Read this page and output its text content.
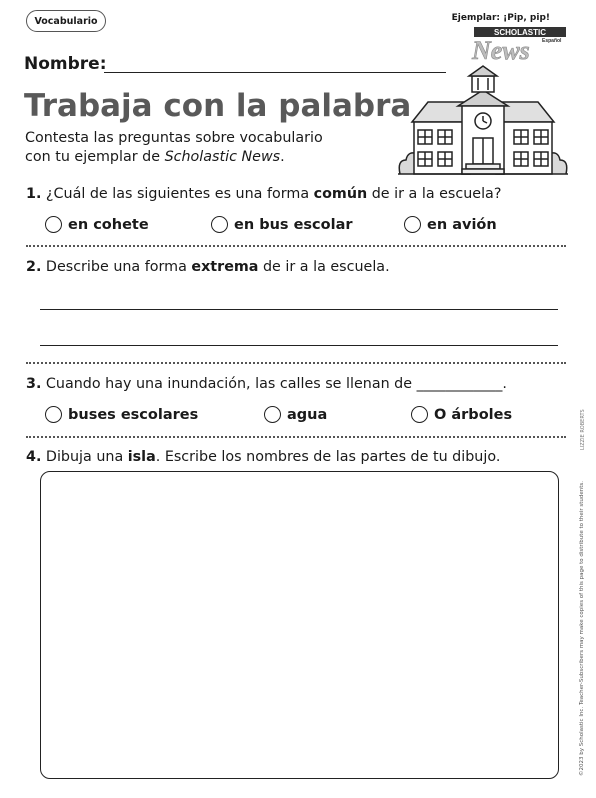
Vocabulario	Ejemplar: ¡Pip, pip!
SCHOLASTIC
News Español
Nombre:
Trabaja con la palabra
Contesta las preguntas sobre vocabulario
con tu ejemplar de Scholastic News.
1. ¿Cuál de las siguientes es una forma común de ir a la escuela?
en cohete	en bus escolar	en avión
2. Describe una forma extrema de ir a la escuela.
3. Cuando hay una inundación, las calles se llenan de ____________.
buses escolares	agua	O árboles
4. Dibuja una isla. Escribe los nombres de las partes de tu dibujo.
LIZZIE ROBERTS
©2023 by Scholastic Inc. Teacher-Subscribers may make copies of this page to distribute to their students.
